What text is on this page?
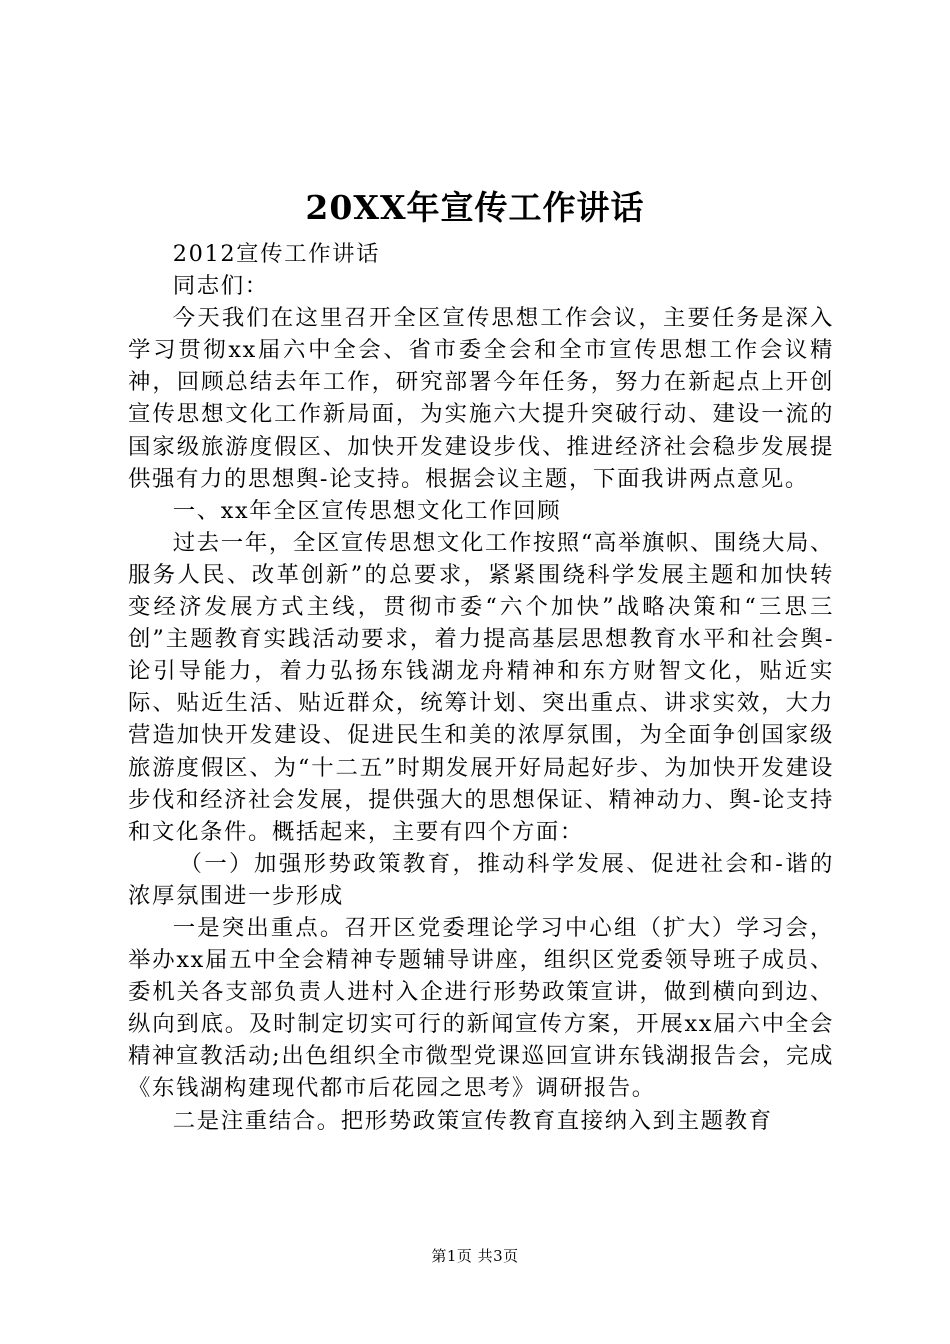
20XX年宣传工作讲话

2012宣传工作讲话

同志们：

今天我们在这里召开全区宣传思想工作会议，主要任务是深入学习贯彻xx届六中全会、省市委全会和全市宣传思想工作会议精神，回顾总结去年工作，研究部署今年任务，努力在新起点上开创宣传思想文化工作新局面，为实施六大提升突破行动、建设一流的国家级旅游度假区、加快开发建设步伐、推进经济社会稳步发展提供强有力的思想舆-论支持。根据会议主题，下面我讲两点意见。

一、xx年全区宣传思想文化工作回顾

过去一年，全区宣传思想文化工作按照“高举旗帜、围绕大局、服务人民、改革创新”的总要求，紧紧围绕科学发展主题和加快转变经济发展方式主线，贯彻市委“六个加快”战略决策和“三思三创”主题教育实践活动要求，着力提高基层思想教育水平和社会舆-论引导能力，着力弘扬东钱湖龙舟精神和东方财智文化，贴近实际、贴近生活、贴近群众，统筹计划、突出重点、讲求实效，大力营造加快开发建设、促进民生和美的浓厚氛围，为全面争创国家级旅游度假区、为“十二五”时期发展开好局起好步、为加快开发建设步伐和经济社会发展，提供强大的思想保证、精神动力、舆-论支持和文化条件。概括起来，主要有四个方面：

（一）加强形势政策教育，推动科学发展、促进社会和-谐的浓厚氛围进一步形成

一是突出重点。召开区党委理论学习中心组（扩大）学习会，举办xx届五中全会精神专题辅导讲座，组织区党委领导班子成员、委机关各支部负责人进村入企进行形势政策宣讲，做到横向到边、纵向到底。及时制定切实可行的新闻宣传方案，开展xx届六中全会精神宣教活动;出色组织全市微型党课巡回宣讲东钱湖报告会，完成《东钱湖构建现代都市后花园之思考》调研报告。

二是注重结合。把形势政策宣传教育直接纳入到主题教育

第1页 共3页
